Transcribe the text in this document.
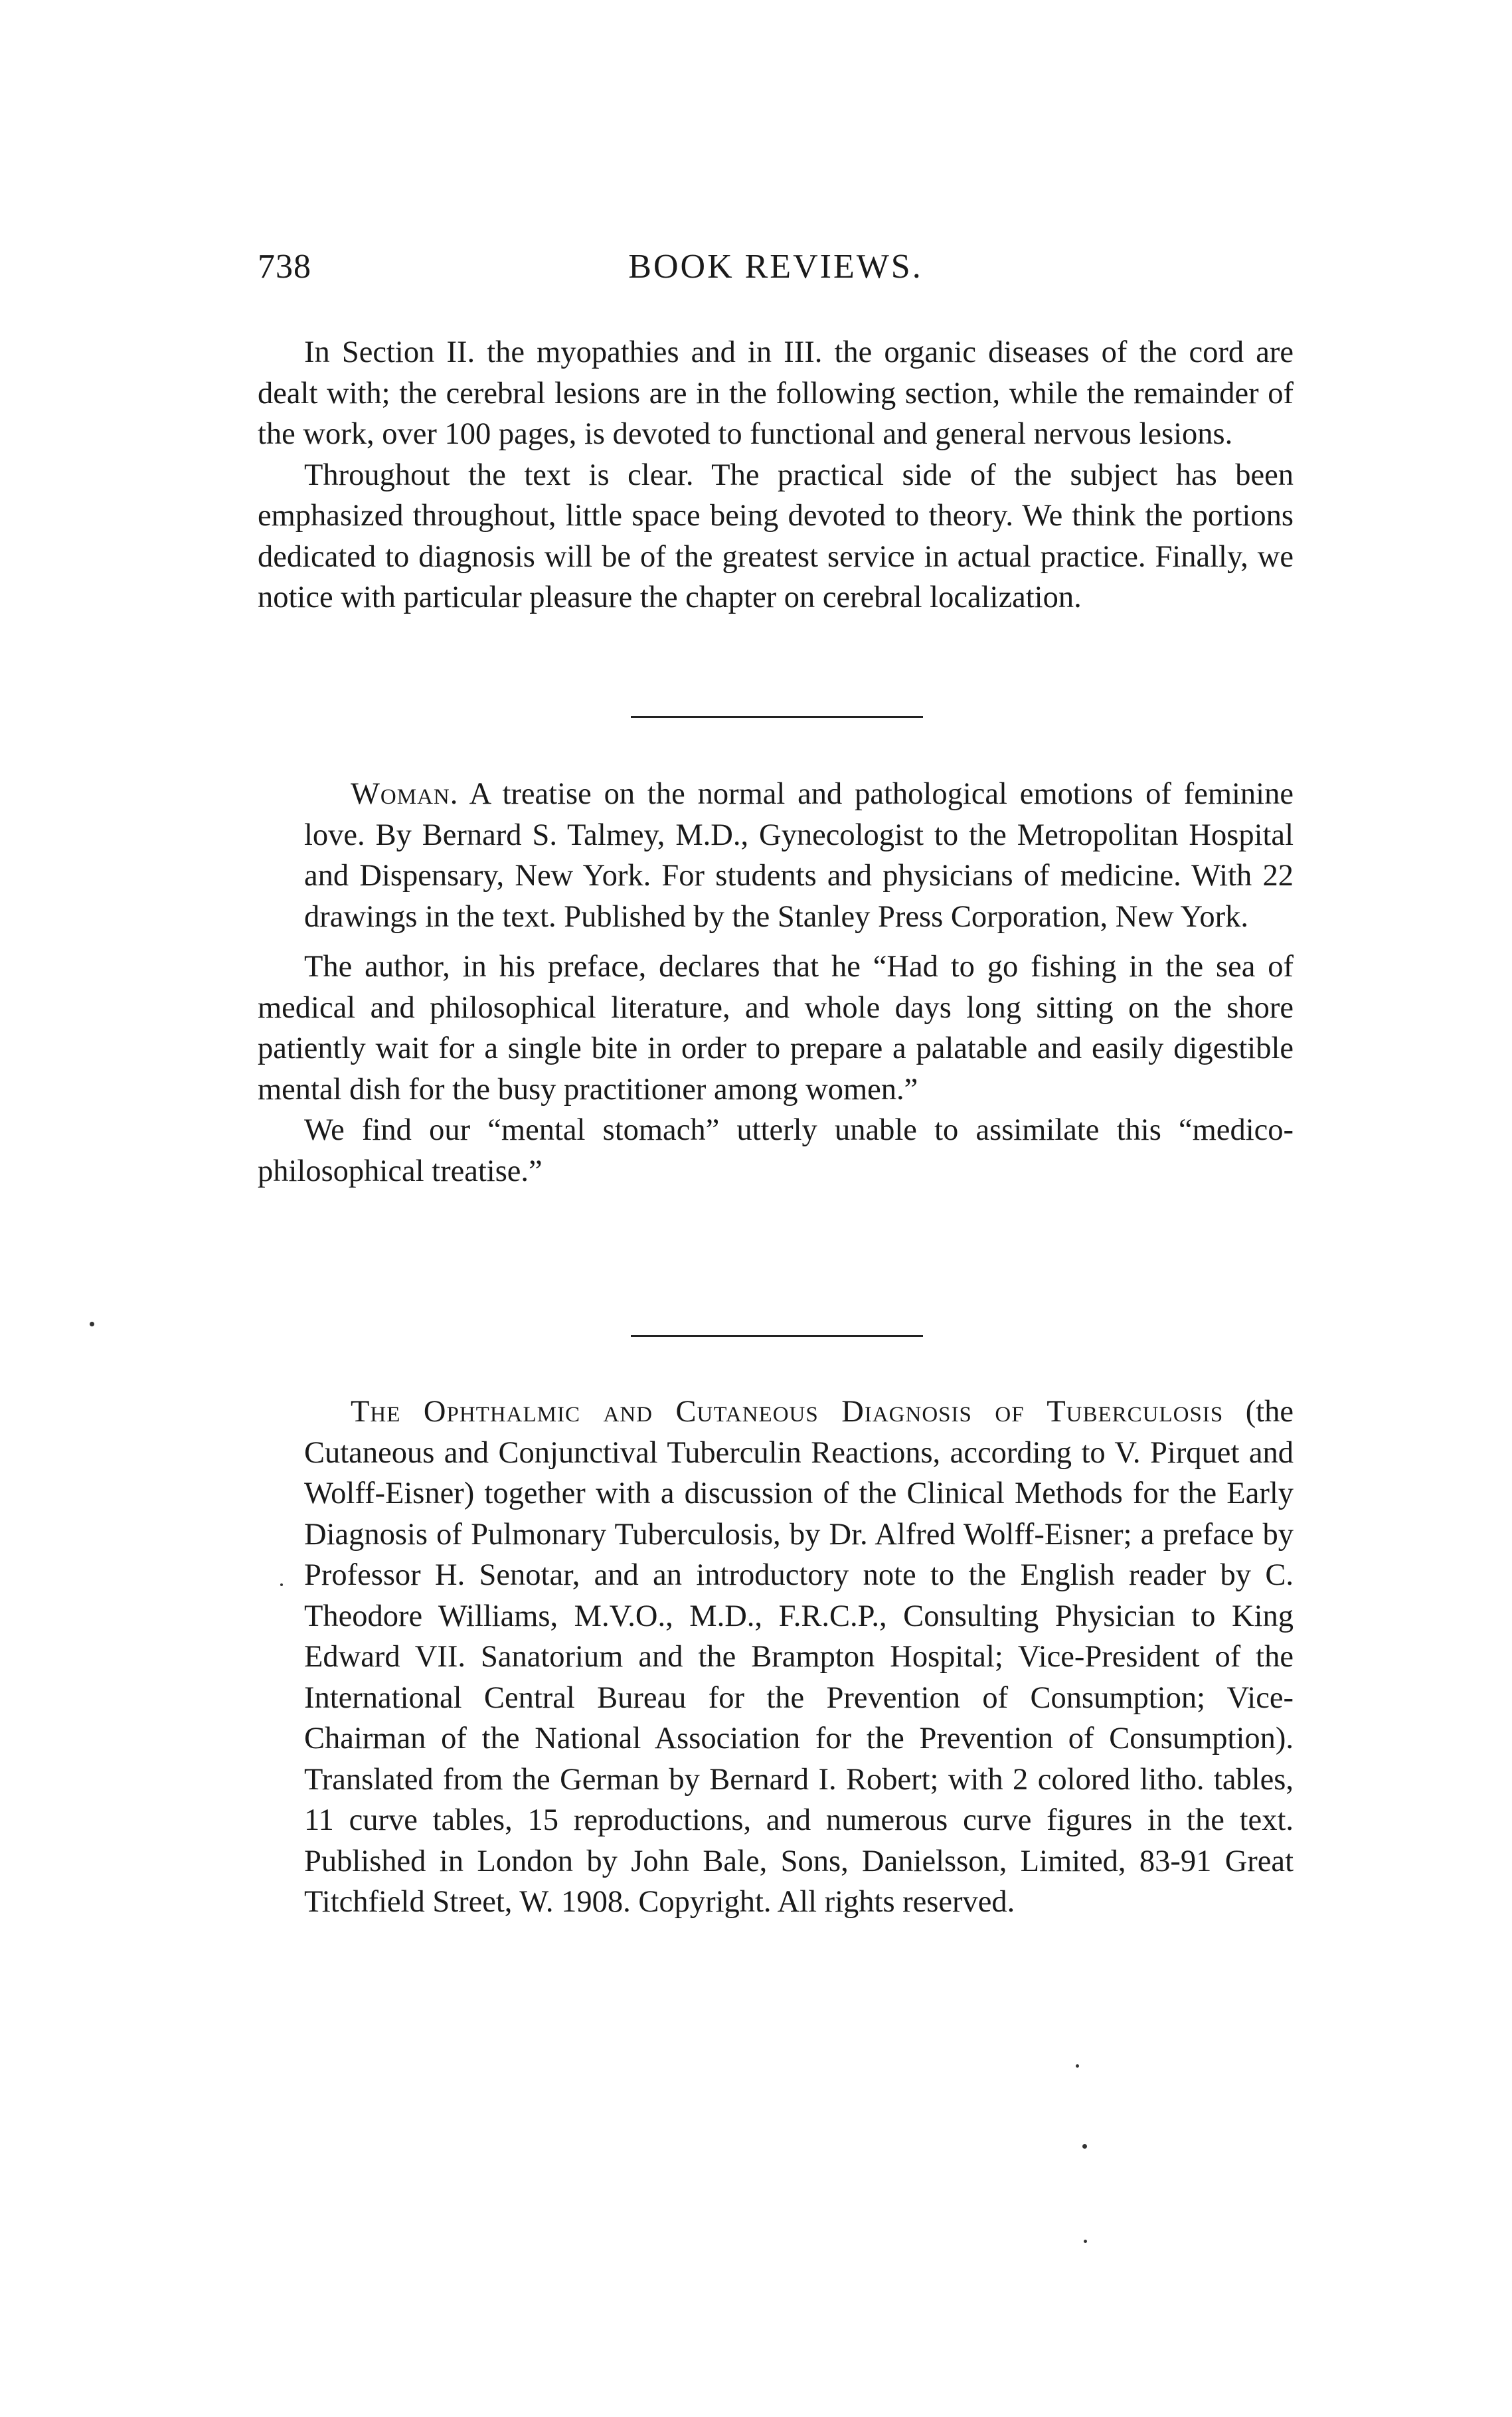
738	BOOK REVIEWS.

In Section II. the myopathies and in III. the organic diseases of the cord are dealt with; the cerebral lesions are in the following section, while the remainder of the work, over 100 pages, is devoted to functional and general nervous lesions.

Throughout the text is clear. The practical side of the subject has been emphasized throughout, little space being devoted to theory. We think the portions dedicated to diagnosis will be of the greatest service in actual practice. Finally, we notice with particular pleasure the chapter on cerebral localization.

Woman. A treatise on the normal and pathological emotions of feminine love. By Bernard S. Talmey, M.D., Gynecologist to the Metropolitan Hospital and Dispensary, New York. For students and physicians of medicine. With 22 drawings in the text. Published by the Stanley Press Corporation, New York.

The author, in his preface, declares that he “Had to go fishing in the sea of medical and philosophical literature, and whole days long sitting on the shore patiently wait for a single bite in order to prepare a palatable and easily digestible mental dish for the busy practitioner among women.”

We find our “mental stomach” utterly unable to assimilate this “medico-philosophical treatise.”

The Ophthalmic and Cutaneous Diagnosis of Tuberculosis (the Cutaneous and Conjunctival Tuberculin Reactions, according to V. Pirquet and Wolff-Eisner) together with a discussion of the Clinical Methods for the Early Diagnosis of Pulmonary Tuberculosis, by Dr. Alfred Wolff-Eisner; a preface by Professor H. Senotar, and an introductory note to the English reader by C. Theodore Williams, M.V.O., M.D., F.R.C.P., Consulting Physician to King Edward VII. Sanatorium and the Brampton Hospital; Vice-President of the International Central Bureau for the Prevention of Consumption; Vice-Chairman of the National Association for the Prevention of Consumption). Translated from the German by Bernard I. Robert; with 2 colored litho. tables, 11 curve tables, 15 reproductions, and numerous curve figures in the text. Published in London by John Bale, Sons, Danielsson, Limited, 83-91 Great Titchfield Street, W. 1908. Copyright. All rights reserved.
